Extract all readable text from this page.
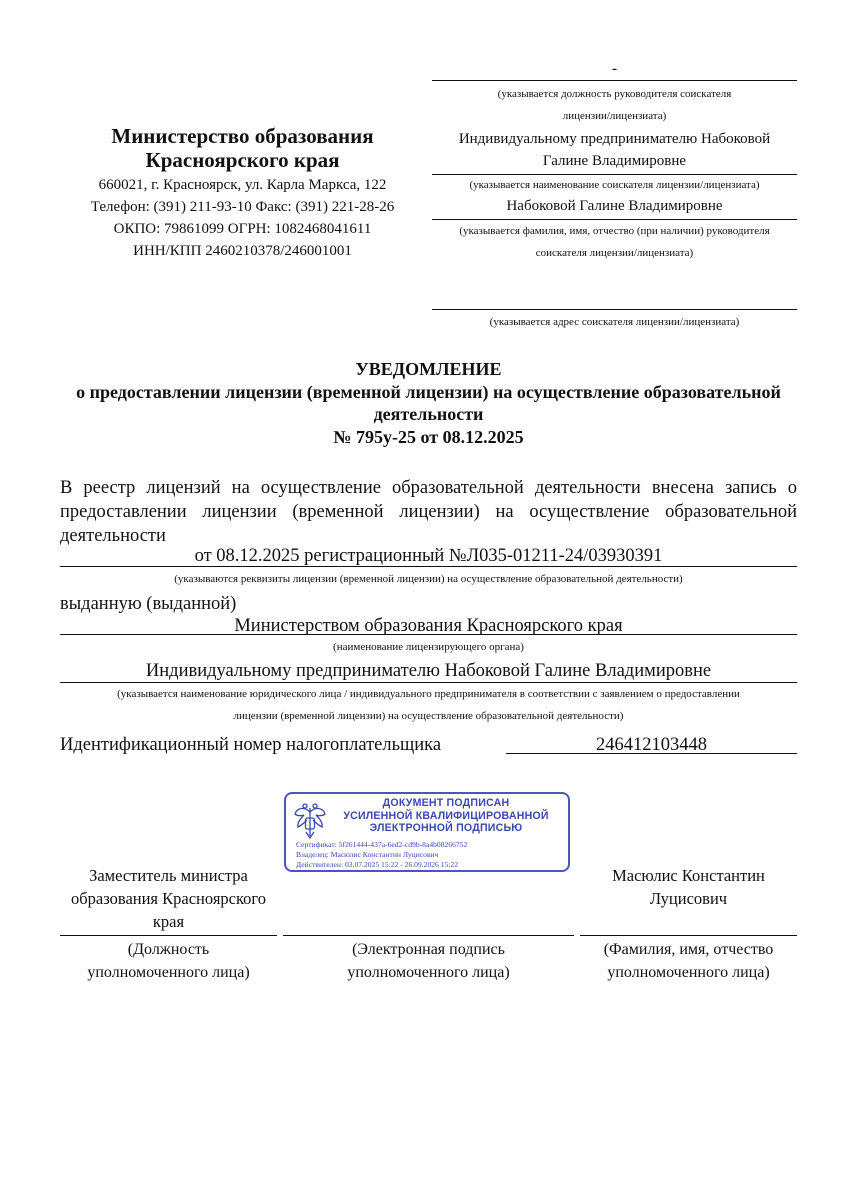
-
(указывается должность руководителя соискателя
лицензии/лицензиата)
Индивидуальному предпринимателю Набоковой
Галине Владимировне
(указывается наименование соискателя лицензии/лицензиата)
Набоковой Галине Владимировне
(указывается фамилия, имя, отчество (при наличии) руководителя
соискателя лицензии/лицензиата)
(указывается адрес соискателя лицензии/лицензиата)
Министерство образования
Красноярского края
660021, г. Красноярск, ул. Карла Маркса, 122
Телефон: (391) 211-93-10 Факс: (391) 221-28-26
ОКПО: 79861099 ОГРН: 1082468041611
ИНН/КПП 2460210378/246001001
УВЕДОМЛЕНИЕ
о предоставлении лицензии (временной лицензии) на осуществление образовательной
деятельности
№ 795у-25 от 08.12.2025
В реестр лицензий на осуществление образовательной деятельности внесена запись о предоставлении лицензии (временной лицензии) на осуществление образовательной деятельности
от 08.12.2025 регистрационный №Л035-01211-24/03930391
(указываются реквизиты лицензии (временной лицензии) на осуществление образовательной деятельности)
выданную (выданной)
Министерством образования Красноярского края
(наименование лицензирующего органа)
Индивидуальному предпринимателю Набоковой Галине Владимировне
(указывается наименование юридического лица / индивидуального предпринимателя в соответствии с заявлением о предоставлении
лицензии (временной лицензии) на осуществление образовательной деятельности)
Идентификационный номер налогоплательщика	246412103448
ДОКУМЕНТ ПОДПИСАН
УСИЛЕННОЙ КВАЛИФИЦИРОВАННОЙ
ЭЛЕКТРОННОЙ ПОДПИСЬЮ
Сертификат: 5f261444-437a-6ed2-cd9b-8a4b08266752
Владелец: Масюлис Константин Луцисович
Действителен: 03.07.2025 15:22 - 26.09.2026 15:22
Заместитель министра
образования Красноярского
края
Масюлис Константин
Луцисович
(Должность
уполномоченного лица)
(Электронная подпись
уполномоченного лица)
(Фамилия, имя, отчество
уполномоченного лица)
